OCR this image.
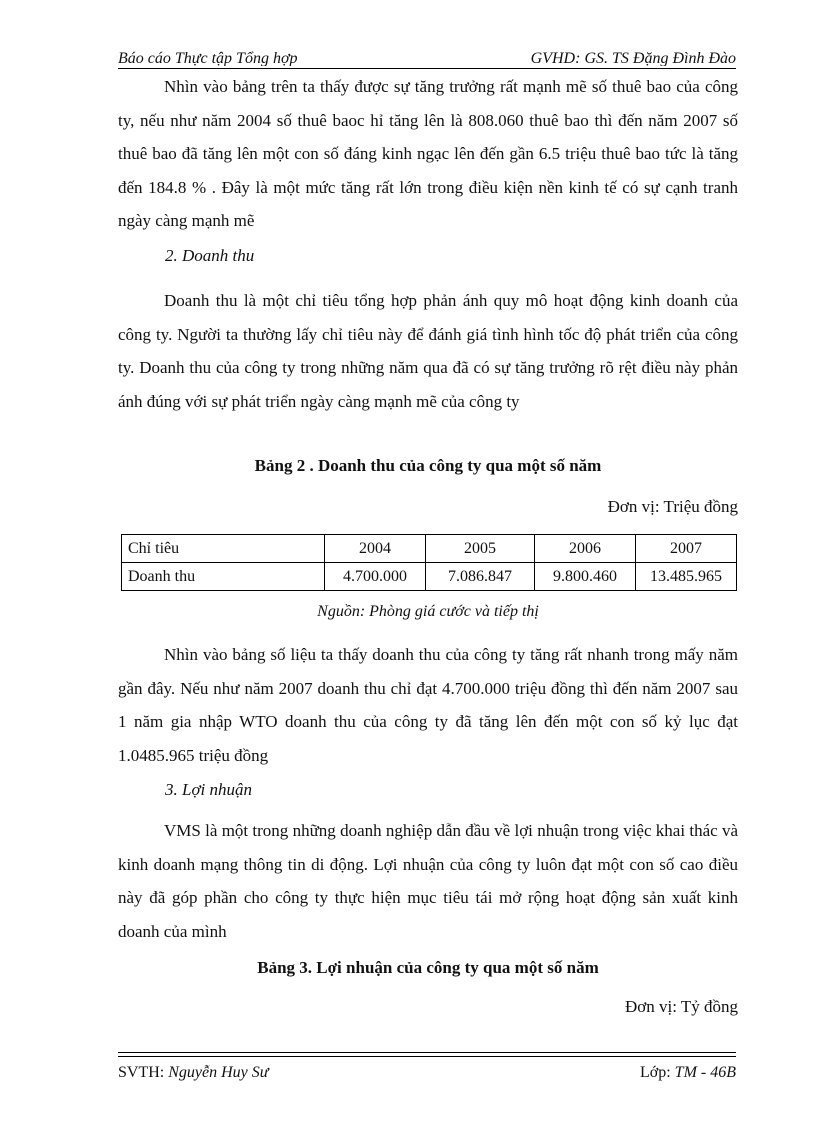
Báo cáo Thực tập Tổng hợp	GVHD: GS. TS Đặng Đình Đào

Nhìn vào bảng trên ta thấy được sự tăng trưởng rất mạnh mẽ số thuê bao của công ty, nếu như năm 2004 số thuê baoc hỉ tăng lên là 808.060 thuê bao thì đến năm 2007 số thuê bao đã tăng lên một con số đáng kinh ngạc lên đến gần 6.5 triệu thuê bao tức là tăng đến 184.8 % . Đây là một mức tăng rất lớn trong điều kiện nền kinh tế có sự cạnh tranh ngày càng mạnh mẽ

2. Doanh thu

Doanh thu là một chỉ tiêu tổng hợp phản ánh quy mô hoạt động kinh doanh của công ty. Người ta thường lấy chỉ tiêu này để đánh giá tình hình tốc độ phát triển của công ty. Doanh thu của công ty trong những năm qua đã có sự tăng trưởng rõ rệt điều này phản ánh đúng với sự phát triển ngày càng mạnh mẽ của công ty

Bảng 2 . Doanh thu của công ty qua một số năm
Đơn vị: Triệu đồng
Chỉ tiêu	2004	2005	2006	2007
Doanh thu	4.700.000	7.086.847	9.800.460	13.485.965
Nguồn: Phòng giá cước và tiếp thị

Nhìn vào bảng số liệu ta thấy doanh thu của công ty tăng rất nhanh trong mấy năm gần đây. Nếu như năm 2007 doanh thu chỉ đạt 4.700.000 triệu đồng thì đến năm 2007 sau 1 năm gia nhập WTO doanh thu của công ty đã tăng lên đến một con số kỷ lục đạt 1.0485.965 triệu đồng

3. Lợi nhuận

VMS là một trong những doanh nghiệp dẫn đầu về lợi nhuận trong việc khai thác và kinh doanh mạng thông tin di động. Lợi nhuận của công ty luôn đạt một con số cao điều này đã góp phần cho công ty thực hiện mục tiêu tái mở rộng hoạt động sản xuất kinh doanh của mình

Bảng 3. Lợi nhuận của công ty qua một số năm
Đơn vị: Tỷ đồng
SVTH: Nguyễn Huy Sư	Lớp: TM - 46B
